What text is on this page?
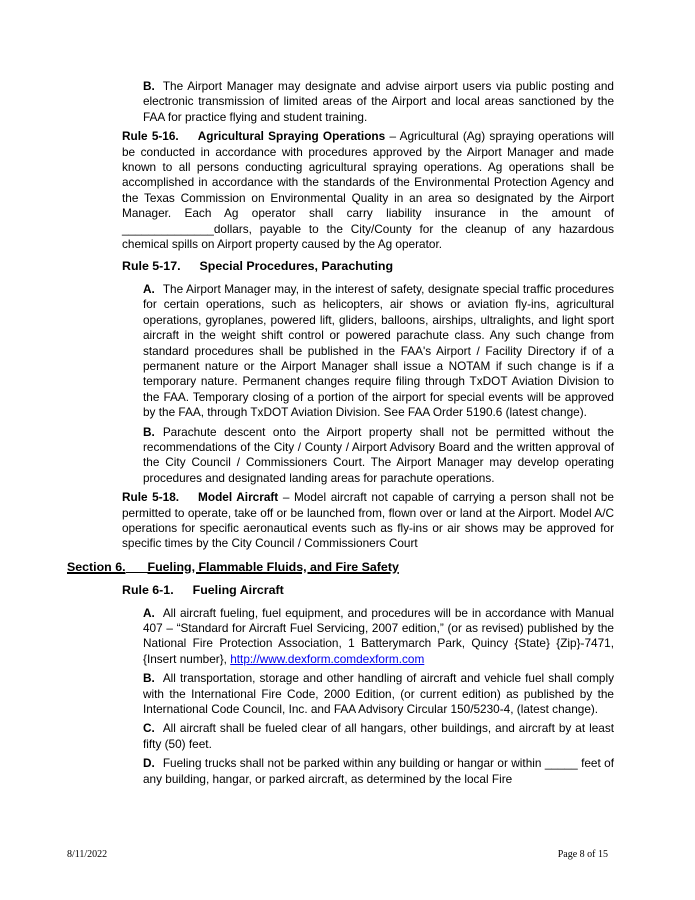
B. The Airport Manager may designate and advise airport users via public posting and electronic transmission of limited areas of the Airport and local areas sanctioned by the FAA for practice flying and student training.

Rule 5-16. Agricultural Spraying Operations – Agricultural (Ag) spraying operations will be conducted in accordance with procedures approved by the Airport Manager and made known to all persons conducting agricultural spraying operations. Ag operations shall be accomplished in accordance with the standards of the Environmental Protection Agency and the Texas Commission on Environmental Quality in an area so designated by the Airport Manager. Each Ag operator shall carry liability insurance in the amount of ______________dollars, payable to the City/County for the cleanup of any hazardous chemical spills on Airport property caused by the Ag operator.

Rule 5-17. Special Procedures, Parachuting

A. The Airport Manager may, in the interest of safety, designate special traffic procedures for certain operations, such as helicopters, air shows or aviation fly-ins, agricultural operations, gyroplanes, powered lift, gliders, balloons, airships, ultralights, and light sport aircraft in the weight shift control or powered parachute class. Any such change from standard procedures shall be published in the FAA's Airport / Facility Directory if of a permanent nature or the Airport Manager shall issue a NOTAM if such change is if a temporary nature. Permanent changes require filing through TxDOT Aviation Division to the FAA. Temporary closing of a portion of the airport for special events will be approved by the FAA, through TxDOT Aviation Division. See FAA Order 5190.6 (latest change).

B. Parachute descent onto the Airport property shall not be permitted without the recommendations of the City / County / Airport Advisory Board and the written approval of the City Council / Commissioners Court. The Airport Manager may develop operating procedures and designated landing areas for parachute operations.

Rule 5-18. Model Aircraft – Model aircraft not capable of carrying a person shall not be permitted to operate, take off or be launched from, flown over or land at the Airport. Model A/C operations for specific aeronautical events such as fly-ins or air shows may be approved for specific times by the City Council / Commissioners Court

Section 6. Fueling, Flammable Fluids, and Fire Safety
Rule 6-1. Fueling Aircraft

A. All aircraft fueling, fuel equipment, and procedures will be in accordance with Manual 407 – “Standard for Aircraft Fuel Servicing, 2007 edition,” (or as revised) published by the National Fire Protection Association, 1 Batterymarch Park, Quincy {State} {Zip}-7471, {Insert number}, http://www.dexform.comdexform.com

B. All transportation, storage and other handling of aircraft and vehicle fuel shall comply with the International Fire Code, 2000 Edition, (or current edition) as published by the International Code Council, Inc. and FAA Advisory Circular 150/5230-4, (latest change).

C. All aircraft shall be fueled clear of all hangars, other buildings, and aircraft by at least fifty (50) feet.

D. Fueling trucks shall not be parked within any building or hangar or within _____ feet of any building, hangar, or parked aircraft, as determined by the local Fire

8/11/2022	Page 8 of 15
